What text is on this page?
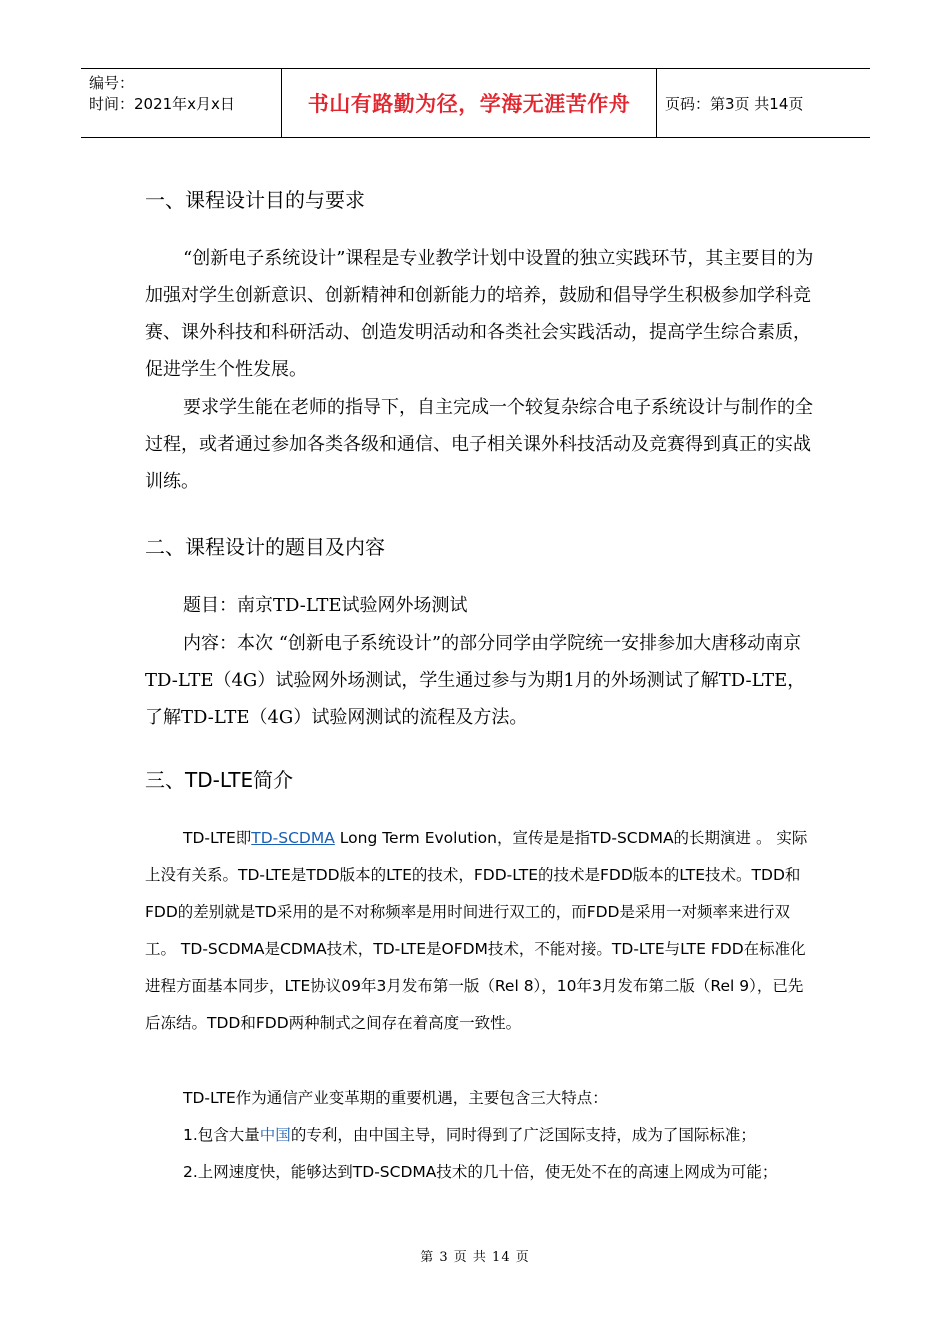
编号：
时间：2021年x月x日	书山有路勤为径，学海无涯苦作舟	页码：第3页 共14页
一、课程设计目的与要求

“创新电子系统设计”课程是专业教学计划中设置的独立实践环节，其主要目的为加强对学生创新意识、创新精神和创新能力的培养，鼓励和倡导学生积极参加学科竞赛、课外科技和科研活动、创造发明活动和各类社会实践活动，提高学生综合素质，促进学生个性发展。

要求学生能在老师的指导下，自主完成一个较复杂综合电子系统设计与制作的全过程，或者通过参加各类各级和通信、电子相关课外科技活动及竞赛得到真正的实战训练。

二、课程设计的题目及内容

题目：南京TD-LTE试验网外场测试

内容：本次 “创新电子系统设计”的部分同学由学院统一安排参加大唐移动南京TD-LTE（4G）试验网外场测试，学生通过参与为期1月的外场测试了解TD-LTE，了解TD-LTE（4G）试验网测试的流程及方法。

三、TD-LTE简介

TD-LTE即TD-SCDMA Long Term Evolution，宣传是是指TD-SCDMA的长期演进 。 实际上没有关系。TD-LTE是TDD版本的LTE的技术，FDD-LTE的技术是FDD版本的LTE技术。TDD和FDD的差别就是TD采用的是不对称频率是用时间进行双工的，而FDD是采用一对频率来进行双工。 TD-SCDMA是CDMA技术，TD-LTE是OFDM技术，不能对接。TD-LTE与LTE FDD在标准化进程方面基本同步，LTE协议09年3月发布第一版（Rel 8），10年3月发布第二版（Rel 9），已先后冻结。TDD和FDD两种制式之间存在着高度一致性。

TD-LTE作为通信产业变革期的重要机遇，主要包含三大特点：

1.包含大量中国的专利，由中国主导，同时得到了广泛国际支持，成为了国际标准；

2.上网速度快，能够达到TD-SCDMA技术的几十倍，使无处不在的高速上网成为可能；

第 3 页 共 14 页
